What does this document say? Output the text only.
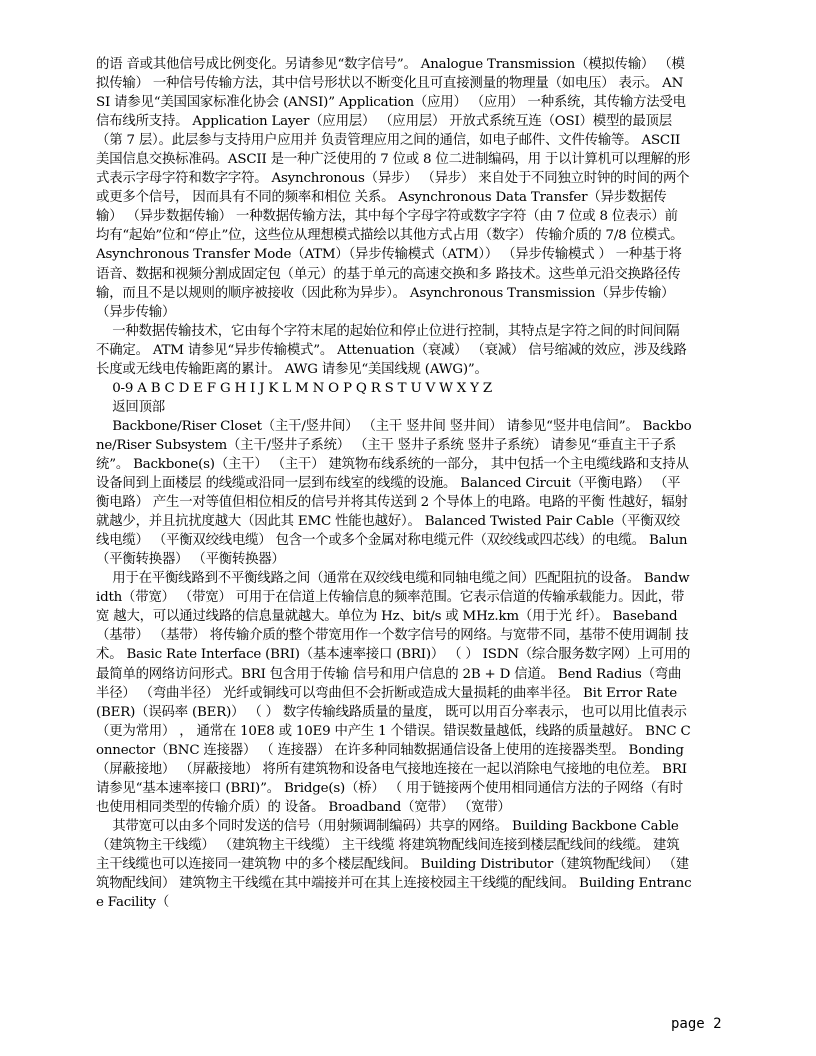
的语 音或其他信号成比例变化。另请参见“数字信号”。 Analogue Transmission（模拟传输） （模拟传输） 一种信号传输方法，其中信号形状以不断变化且可直接测量的物理量（如电压） 表示。 ANSI 请参见“美国国家标准化协会 (ANSI)” Application（应用） （应用） 一种系统，其传输方法受电信布线所支持。 Application Layer（应用层） （应用层） 开放式系统互连（OSI）模型的最顶层（第 7 层）。此层参与支持用户应用并 负责管理应用之间的通信，如电子邮件、文件传输等。 ASCII 美国信息交换标准码。ASCII 是一种广泛使用的 7 位或 8 位二进制编码，用 于以计算机可以理解的形式表示字母字符和数字字符。 Asynchronous（异步） （异步） 来自处于不同独立时钟的时间的两个或更多个信号， 因而具有不同的频率和相位 关系。 Asynchronous Data Transfer（异步数据传输） （异步数据传输） 一种数据传输方法，其中每个字母字符或数字字符（由 7 位或 8 位表示）前 均有“起始”位和“停止”位，这些位从理想模式描绘以其他方式占用（数字） 传输介质的 7/8 位模式。 Asynchronous Transfer Mode（ATM）（异步传输模式（ATM）） （异步传输模式 ） 一种基于将语音、数据和视频分割成固定包（单元）的基于单元的高速交换和多 路技术。这些单元沿交换路径传输，而且不是以规则的顺序被接收（因此称为异步）。 Asynchronous Transmission（异步传输） （异步传输）

一种数据传输技术，它由每个字符末尾的起始位和停止位进行控制，其特点是字符之间的时间间隔不确定。 ATM 请参见“异步传输模式”。 Attenuation（衰减） （衰减） 信号缩减的效应，涉及线路长度或无线电传输距离的累计。 AWG 请参见“美国线规 (AWG)”。

0-9 A B C D E F G H I J K L M N O P Q R S T U V W X Y Z

返回顶部

Backbone/Riser Closet（主干/竖井间） （主干 竖井间 竖井间） 请参见“竖井电信间”。 Backbone/Riser Subsystem（主干/竖井子系统） （主干 竖井子系统 竖井子系统） 请参见“垂直主干子系统”。 Backbone(s)（主干） （主干） 建筑物布线系统的一部分， 其中包括一个主电缆线路和支持从设备间到上面楼层 的线缆或沿同一层到布线室的线缆的设施。 Balanced Circuit（平衡电路） （平衡电路） 产生一对等值但相位相反的信号并将其传送到 2 个导体上的电路。电路的平衡 性越好，辐射就越少，并且抗扰度越大（因此其 EMC 性能也越好）。 Balanced Twisted Pair Cable（平衡双绞线电缆） （平衡双绞线电缆） 包含一个或多个金属对称电缆元件（双绞线或四芯线）的电缆。 Balun（平衡转换器） （平衡转换器）

用于在平衡线路到不平衡线路之间（通常在双绞线电缆和同轴电缆之间）匹配阻抗的设备。 Bandwidth（带宽） （带宽） 可用于在信道上传输信息的频率范围。它表示信道的传输承载能力。因此，带宽 越大，可以通过线路的信息量就越大。单位为 Hz、bit/s 或 MHz.km（用于光 纤）。 Baseband（基带） （基带） 将传输介质的整个带宽用作一个数字信号的网络。与宽带不同，基带不使用调制 技术。 Basic Rate Interface (BRI)（基本速率接口 (BRI)） （ ） ISDN（综合服务数字网）上可用的最简单的网络访问形式。BRI 包含用于传输 信号和用户信息的 2B + D 信道。 Bend Radius（弯曲半径） （弯曲半径） 光纤或铜线可以弯曲但不会折断或造成大量损耗的曲率半径。 Bit Error Rate (BER)（误码率 (BER)） （ ） 数字传输线路质量的量度， 既可以用百分率表示， 也可以用比值表示 （更为常用） ， 通常在 10E8 或 10E9 中产生 1 个错误。错误数量越低，线路的质量越好。 BNC Connector（BNC 连接器） （ 连接器） 在许多种同轴数据通信设备上使用的连接器类型。 Bonding（屏蔽接地） （屏蔽接地） 将所有建筑物和设备电气接地连接在一起以消除电气接地的电位差。 BRI 请参见“基本速率接口 (BRI)”。 Bridge(s)（桥） （ 用于链接两个使用相同通信方法的子网络（有时也使用相同类型的传输介质）的 设备。 Broadband（宽带） （宽带）

其带宽可以由多个同时发送的信号（用射频调制编码）共享的网络。 Building Backbone Cable（建筑物主干线缆） （建筑物主干线缆） 主干线缆 将建筑物配线间连接到楼层配线间的线缆。 建筑主干线缆也可以连接同一建筑物 中的多个楼层配线间。 Building Distributor（建筑物配线间） （建筑物配线间） 建筑物主干线缆在其中端接并可在其上连接校园主干线缆的配线间。 Building Entrance Facility（

page 2
